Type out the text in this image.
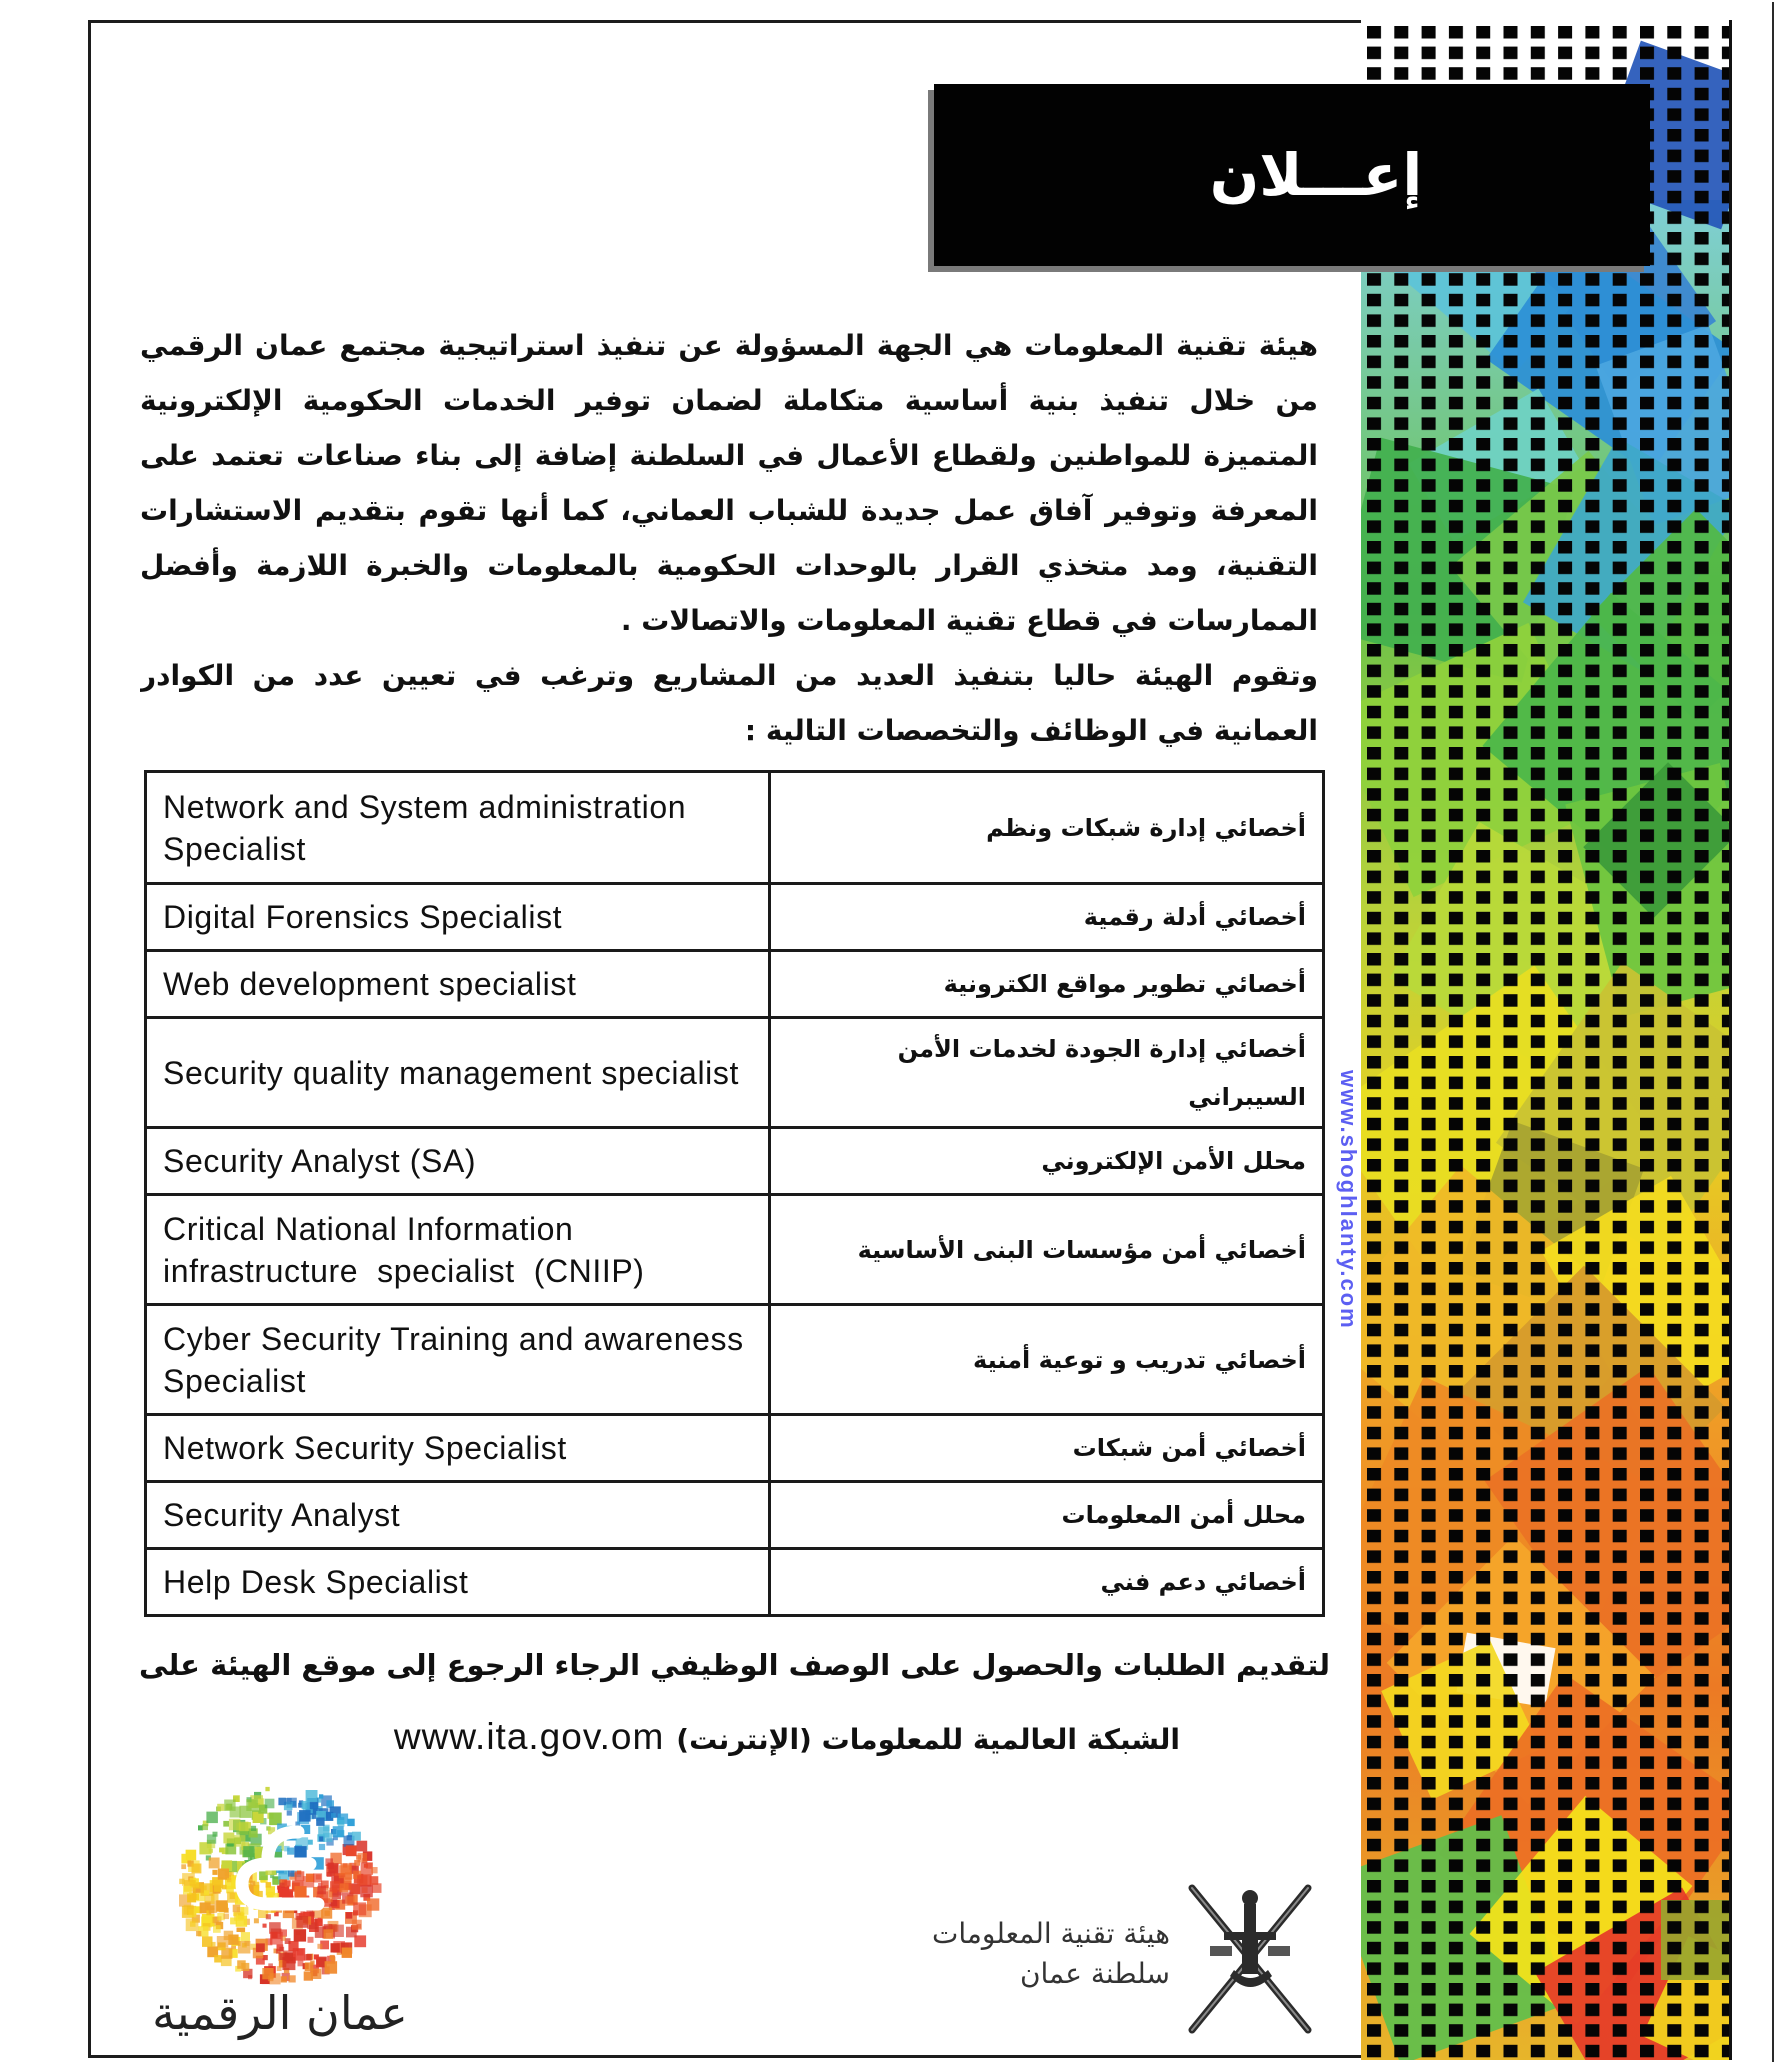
إعـــلان

هيئة تقنية المعلومات هي الجهة المسؤولة عن تنفيذ استراتيجية مجتمع عمان الرقمي من خلال تنفيذ بنية أساسية متكاملة لضمان توفير الخدمات الحكومية الإلكترونية المتميزة للمواطنين ولقطاع الأعمال في السلطنة إضافة إلى بناء صناعات تعتمد على المعرفة وتوفير آفاق عمل جديدة للشباب العماني، كما أنها تقوم بتقديم الاستشارات التقنية، ومد متخذي القرار بالوحدات الحكومية بالمعلومات والخبرة اللازمة وأفضل الممارسات في قطاع تقنية المعلومات والاتصالات .

وتقوم الهيئة حاليا بتنفيذ العديد من المشاريع وترغب في تعيين عدد من الكوادر العمانية في الوظائف والتخصصات التالية :

Network and System administration Specialist	أخصائي إدارة شبكات ونظم
Digital Forensics Specialist	أخصائي أدلة رقمية
Web development specialist	أخصائي تطوير مواقع الكترونية
Security quality management specialist	أخصائي إدارة الجودة لخدمات الأمن السيبراني
Security Analyst (SA)	محلل الأمن الإلكتروني
Critical National Information infrastructure  specialist  (CNIIP)	أخصائي أمن مؤسسات البنى الأساسية
Cyber Security Training and awareness Specialist	أخصائي تدريب و توعية أمنية
Network Security Specialist	أخصائي أمن شبكات
Security Analyst	محلل أمن المعلومات
Help Desk Specialist	أخصائي دعم فني
لتقديم الطلبات والحصول على الوصف الوظيفي الرجاء الرجوع إلى موقع الهيئة على
الشبكة العالمية للمعلومات (الإنترنت)
www.ita.gov.om
عمان الرقمية
هيئة تقنية المعلومات
سلطنة عمان
www.shoghlanty.com
